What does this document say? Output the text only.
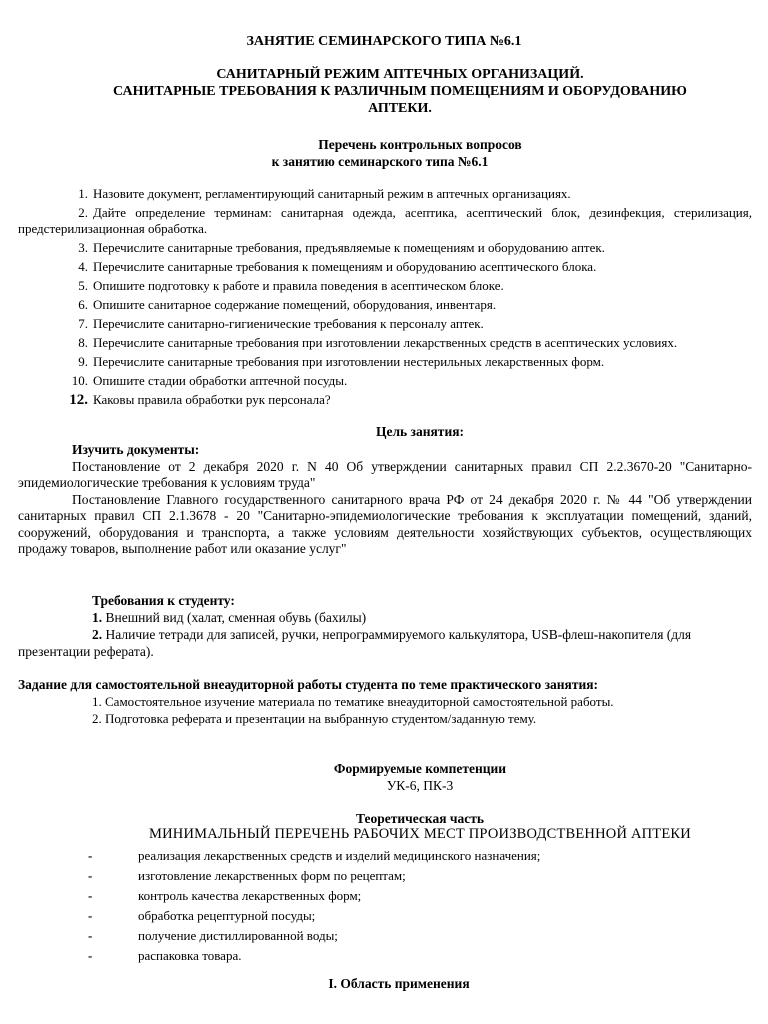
ЗАНЯТИЕ СЕМИНАРСКОГО ТИПА №6.1
САНИТАРНЫЙ РЕЖИМ АПТЕЧНЫХ ОРГАНИЗАЦИЙ.
САНИТАРНЫЕ ТРЕБОВАНИЯ К РАЗЛИЧНЫМ ПОМЕЩЕНИЯМ И ОБОРУДОВАНИЮ
АПТЕКИ.
Перечень контрольных вопросов
к занятию семинарского типа №6.1
1. Назовите документ, регламентирующий санитарный режим в аптечных организациях.
2. Дайте определение терминам: санитарная одежда, асептика, асептический блок, дезинфекция, стерилизация, предстерилизационная обработка.
3. Перечислите санитарные требования, предъявляемые к помещениям и оборудованию аптек.
4. Перечислите санитарные требования к помещениям и оборудованию асептического блока.
5. Опишите подготовку к работе и правила поведения в асептическом блоке.
6. Опишите санитарное содержание помещений, оборудования, инвентаря.
7. Перечислите санитарно-гигиенические требования к персоналу аптек.
8. Перечислите санитарные требования при изготовлении лекарственных средств в асептических условиях.
9. Перечислите санитарные требования при изготовлении нестерильных лекарственных форм.
10. Опишите стадии обработки аптечной посуды.
12. Каковы правила обработки рук персонала?
Цель занятия:
Изучить документы:

Постановление от 2 декабря 2020 г. N 40 Об утверждении санитарных правил СП 2.2.3670-20 "Санитарно-эпидемиологические требования к условиям труда"

Постановление Главного государственного санитарного врача РФ от 24 декабря 2020 г. № 44 "Об утверждении санитарных правил СП 2.1.3678 - 20 "Санитарно-эпидемиологические требования к эксплуатации помещений, зданий, сооружений, оборудования и транспорта, а также условиям деятельности хозяйствующих субъектов, осуществляющих продажу товаров, выполнение работ или оказание услуг"

Требования к студенту:

1. Внешний вид (халат, сменная обувь (бахилы)

2. Наличие тетради для записей, ручки, непрограммируемого калькулятора, USB-флеш-накопителя (для презентации реферата).

Задание для самостоятельной внеаудиторной работы студента по теме практического занятия:

1. Самостоятельное изучение материала по тематике внеаудиторной самостоятельной работы.

2. Подготовка реферата и презентации на выбранную студентом/заданную тему.

Формируемые компетенции
УК-6, ПК-3
Теоретическая часть
МИНИМАЛЬНЫЙ ПЕРЕЧЕНЬ РАБОЧИХ МЕСТ ПРОИЗВОДСТВЕННОЙ АПТЕКИ
-	реализация лекарственных средств и изделий медицинского назначения;
-	изготовление лекарственных форм по рецептам;
-	контроль качества лекарственных форм;
-	обработка рецептурной посуды;
-	получение дистиллированной воды;
-	распаковка товара.
I. Область применения
